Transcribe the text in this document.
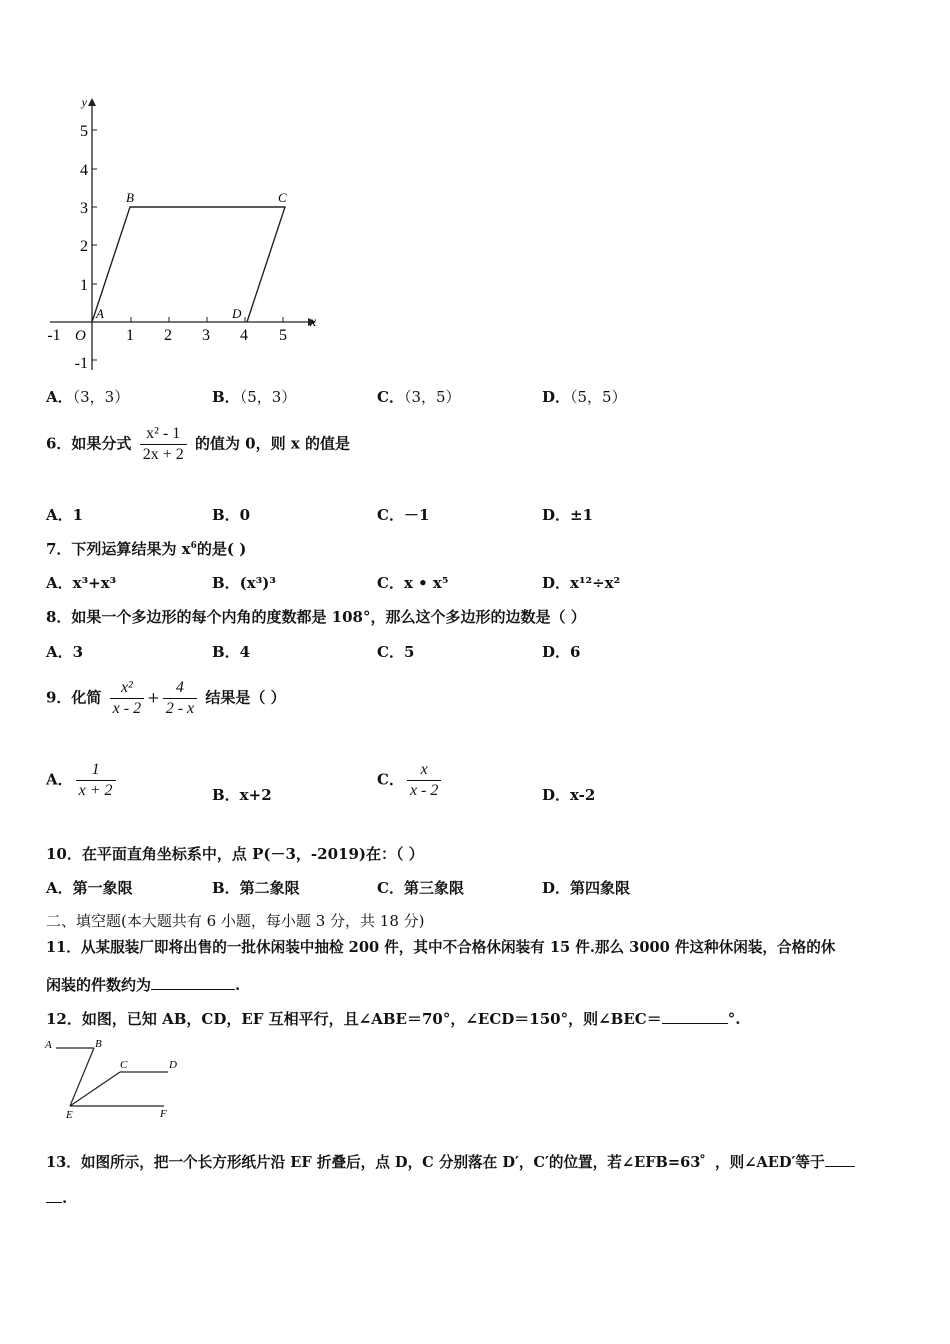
y
x
O
-1	1 2 3 4 5
5
4
3
2
1
-1
A
B	C
D
A．（3，3）	B．（5，3）	C．（3，5）	D．（5，5）
6．如果分式 $\frac{\text{x² - 1}}{2x + 2}$ 的值为 0，则 x 的值是
A．1	B．0	C．－1	D．±1
7．下列运算结果为 $x^6$的是( )
A．x³+x³	B．(x³)³	C．x • x⁵	D．x¹²÷x²
8．如果一个多边形的每个内角的度数都是 108°，那么这个多边形的边数是（ ）
A．3	B．4	C．5	D．6
9．化简 $\frac{\text{x²}}{x - 2} + \frac{4}{2 - x}$ 结果是（ ）
A． $\frac{1}{x + 2}$	B．x+2
C． $\frac{x}{x - 2}$	D．x-2
10．在平面直角坐标系中，点 P(－3，-2019)在：（ ）
A．第一象限	B．第二象限	C．第三象限	D．第四象限
二、填空题(本大题共有 6 小题，每小题 3 分，共 18 分)
11．从某服装厂即将出售的一批休闲装中抽检 200 件，其中不合格休闲装有 15 件.那么 3000 件这种休闲装，合格的休
闲装的件数约为	.
12．如图，已知 AB，CD，EF 互相平行，且∠ABE＝70°，∠ECD＝150°，则∠BEC＝	°.
A	B
C	D
E	F
13．如图所示，把一个长方形纸片沿 EF 折叠后，点 D，C 分别落在 D′，C′的位置，若∠EFB=63゜，则∠AED′等于
.
